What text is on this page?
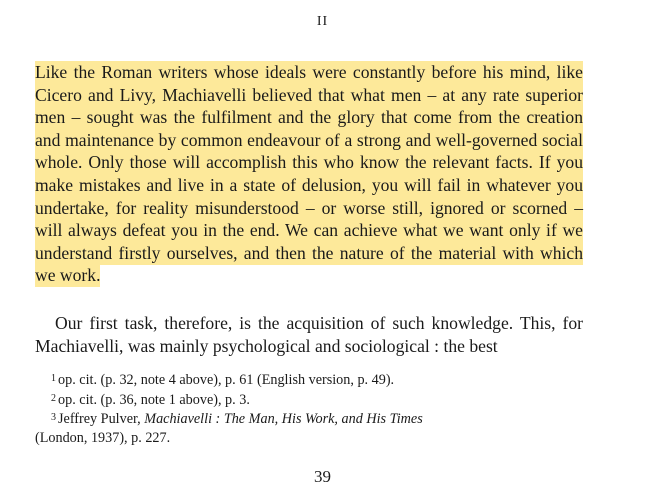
II

Like the Roman writers whose ideals were constantly before his mind, like Cicero and Livy, Machiavelli believed that what men – at any rate superior men – sought was the fulfilment and the glory that come from the creation and maintenance by common endeavour of a strong and well-governed social whole. Only those will accomplish this who know the relevant facts. If you make mistakes and live in a state of delusion, you will fail in whatever you undertake, for reality misunderstood – or worse still, ignored or scorned – will always defeat you in the end. We can achieve what we want only if we understand firstly ourselves, and then the nature of the material with which we work.

Our first task, therefore, is the acquisition of such knowledge. This, for Machiavelli, was mainly psychological and sociological : the best

$^1$ op. cit. (p. 32, note 4 above), p. 61 (English version, p. 49).

$^2$ op. cit. (p. 36, note 1 above), p. 3.

$^3$ Jeffrey Pulver, Machiavelli : The Man, His Work, and His Times
(London, 1937), p. 227.

39
